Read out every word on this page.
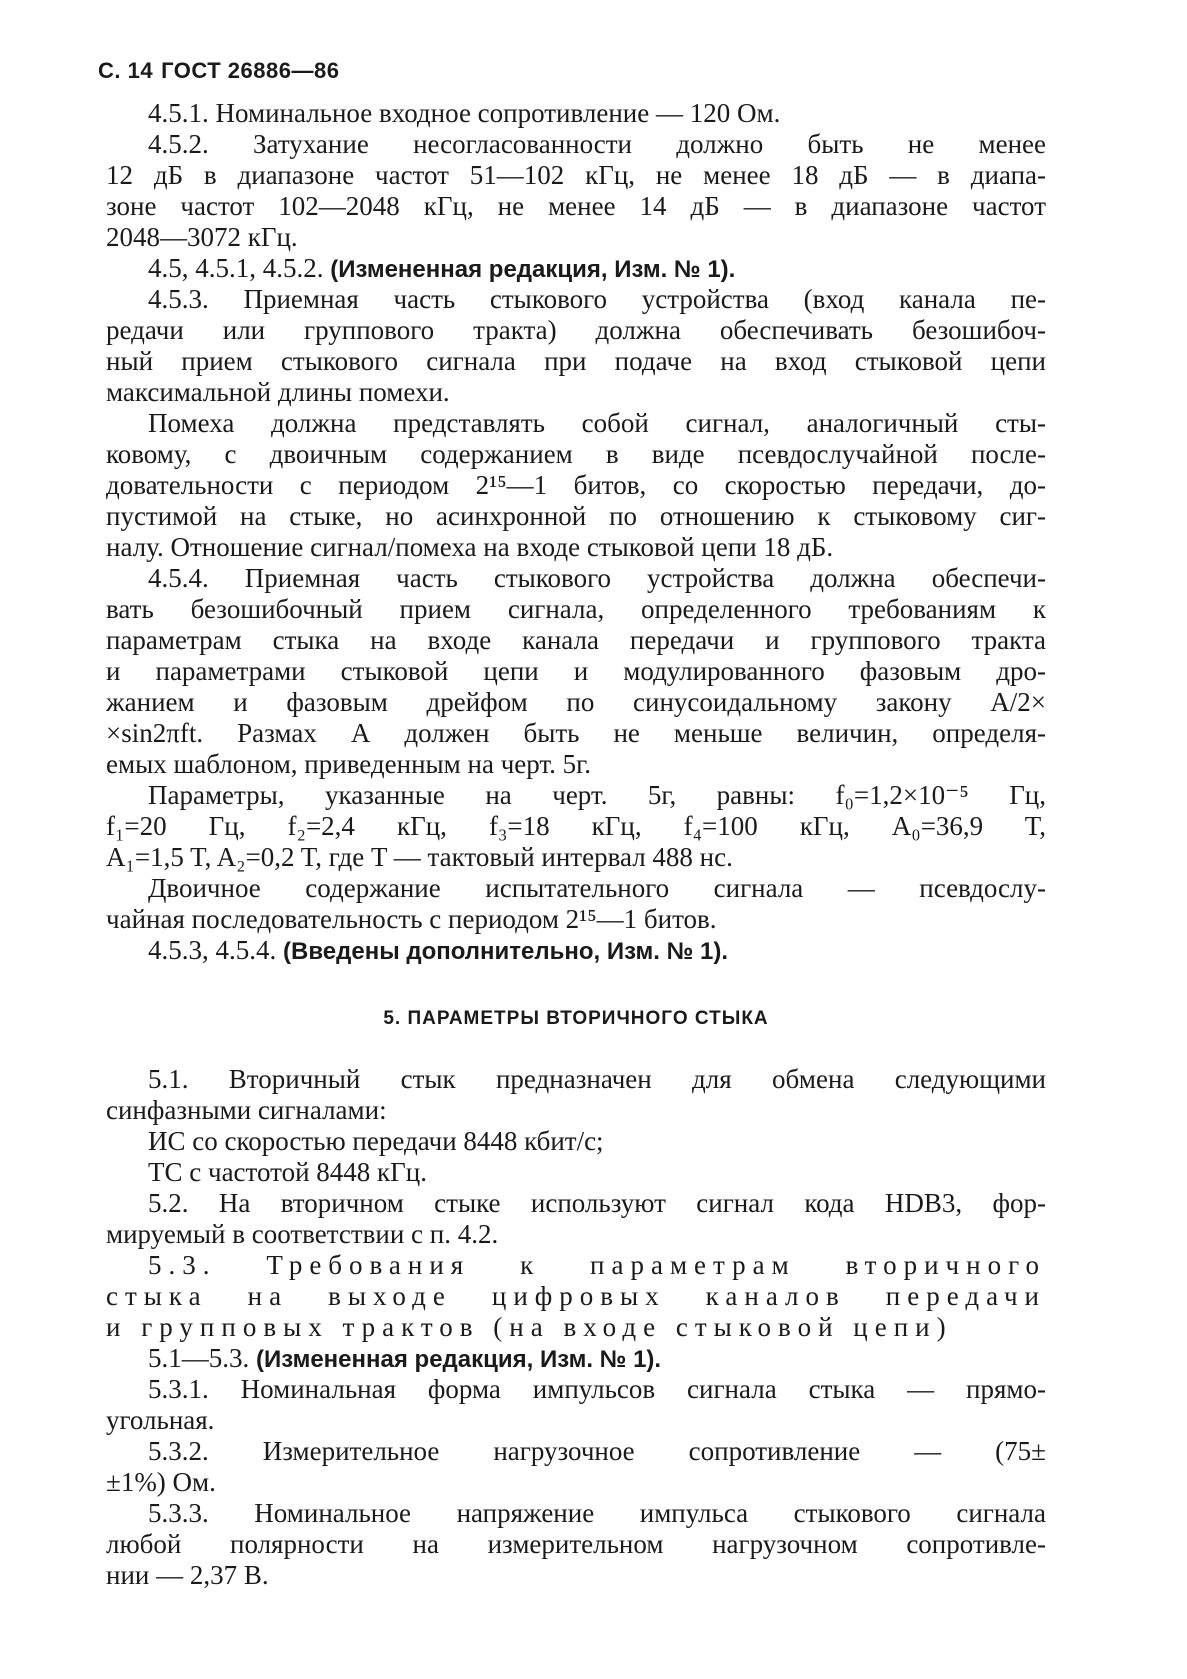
С. 14 ГОСТ 26886—86
4.5.1. Номинальное входное сопротивление — 120 Ом.
4.5.2. Затухание несогласованности должно быть не менее
12 дБ в диапазоне частот 51—102 кГц, не менее 18 дБ — в диапа-
зоне частот 102—2048 кГц, не менее 14 дБ — в диапазоне частот
2048—3072 кГц.
4.5, 4.5.1, 4.5.2. (Измененная редакция, Изм. № 1).
4.5.3. Приемная часть стыкового устройства (вход канала пе-
редачи или группового тракта) должна обеспечивать безошибоч-
ный прием стыкового сигнала при подаче на вход стыковой цепи
максимальной длины помехи.
Помеха должна представлять собой сигнал, аналогичный сты-
ковому, с двоичным содержанием в виде псевдослучайной после-
довательности с периодом 2¹⁵—1 битов, со скоростью передачи, до-
пустимой на стыке, но асинхронной по отношению к стыковому сиг-
налу. Отношение сигнал/помеха на входе стыковой цепи 18 дБ.
4.5.4. Приемная часть стыкового устройства должна обеспечи-
вать безошибочный прием сигнала, определенного требованиям к
параметрам стыка на входе канала передачи и группового тракта
и параметрами стыковой цепи и модулированного фазовым дро-
жанием и фазовым дрейфом по синусоидальному закону А/2×
×sin2πft. Размах А должен быть не меньше величин, определя-
емых шаблоном, приведенным на черт. 5г.
Параметры, указанные на черт. 5г, равны: f₀=1,2×10⁻⁵ Гц,
f₁=20 Гц, f₂=2,4 кГц, f₃=18 кГц, f₄=100 кГц, A₀=36,9 T,
A₁=1,5 T, A₂=0,2 T, где T — тактовый интервал 488 нс.
Двоичное содержание испытательного сигнала — псевдослу-
чайная последовательность с периодом 2¹⁵—1 битов.
4.5.3, 4.5.4. (Введены дополнительно, Изм. № 1).
5. ПАРАМЕТРЫ ВТОРИЧНОГО СТЫКА
5.1. Вторичный стык предназначен для обмена следующими
синфазными сигналами:
ИС со скоростью передачи 8448 кбит/с;
ТС с частотой 8448 кГц.
5.2. На вторичном стыке используют сигнал кода HDB3, фор-
мируемый в соответствии с п. 4.2.
5.3. Требования к параметрам вторичного
стыка на выходе цифровых каналов передачи
и групповых трактов (на входе стыковой цепи)
5.1—5.3. (Измененная редакция, Изм. № 1).
5.3.1. Номинальная форма импульсов сигнала стыка — прямо-
угольная.
5.3.2. Измерительное нагрузочное сопротивление — (75±
±1%) Ом.
5.3.3. Номинальное напряжение импульса стыкового сигнала
любой полярности на измерительном нагрузочном сопротивле-
нии — 2,37 В.
